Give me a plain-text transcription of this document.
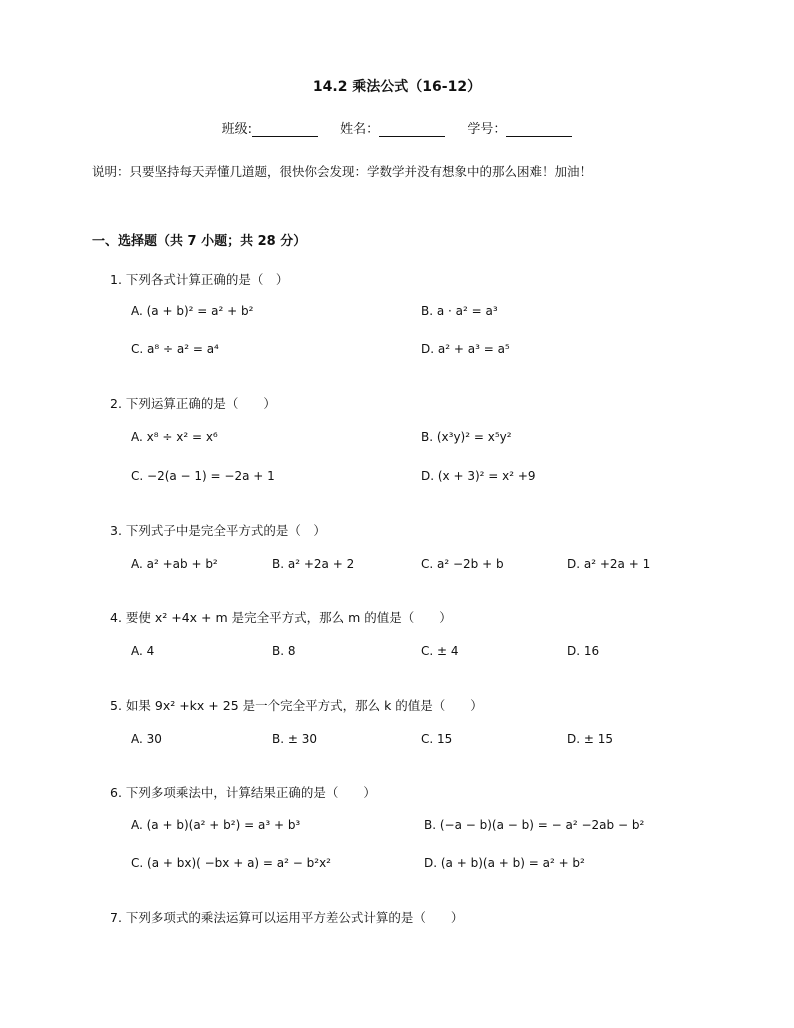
14.2 乘法公式（16-12）
班级:	姓名：	学号：
说明：只要坚持每天弄懂几道题，很快你会发现：学数学并没有想象中的那么困难！加油！
一、选择题（共 7 小题；共 28 分）
1. 下列各式计算正确的是（　）
A. (a + b)² = a² + b²	B. a · a² = a³
C. a⁸ ÷ a² = a⁴	D. a² + a³ = a⁵
2. 下列运算正确的是（　　）
A. x⁸ ÷ x² = x⁶	B. (x³y)² = x⁵y²
C. −2(a − 1) = −2a + 1	D. (x + 3)² = x² +9
3. 下列式子中是完全平方式的是（　）
A. a² +ab + b²	B. a² +2a + 2	C. a² −2b + b	D. a² +2a + 1
4. 要使 x² +4x + m 是完全平方式，那么 m 的值是（　　）
A. 4	B. 8	C. ± 4	D. 16
5. 如果 9x² +kx + 25 是一个完全平方式，那么 k 的值是（　　）
A. 30	B. ± 30	C. 15	D. ± 15
6. 下列多项乘法中，计算结果正确的是（　　）
A. (a + b)(a² + b²) = a³ + b³	B. (−a − b)(a − b) = − a² −2ab − b²
C. (a + bx)( −bx + a) = a² − b²x²	D. (a + b)(a + b) = a² + b²
7. 下列多项式的乘法运算可以运用平方差公式计算的是（　　）
